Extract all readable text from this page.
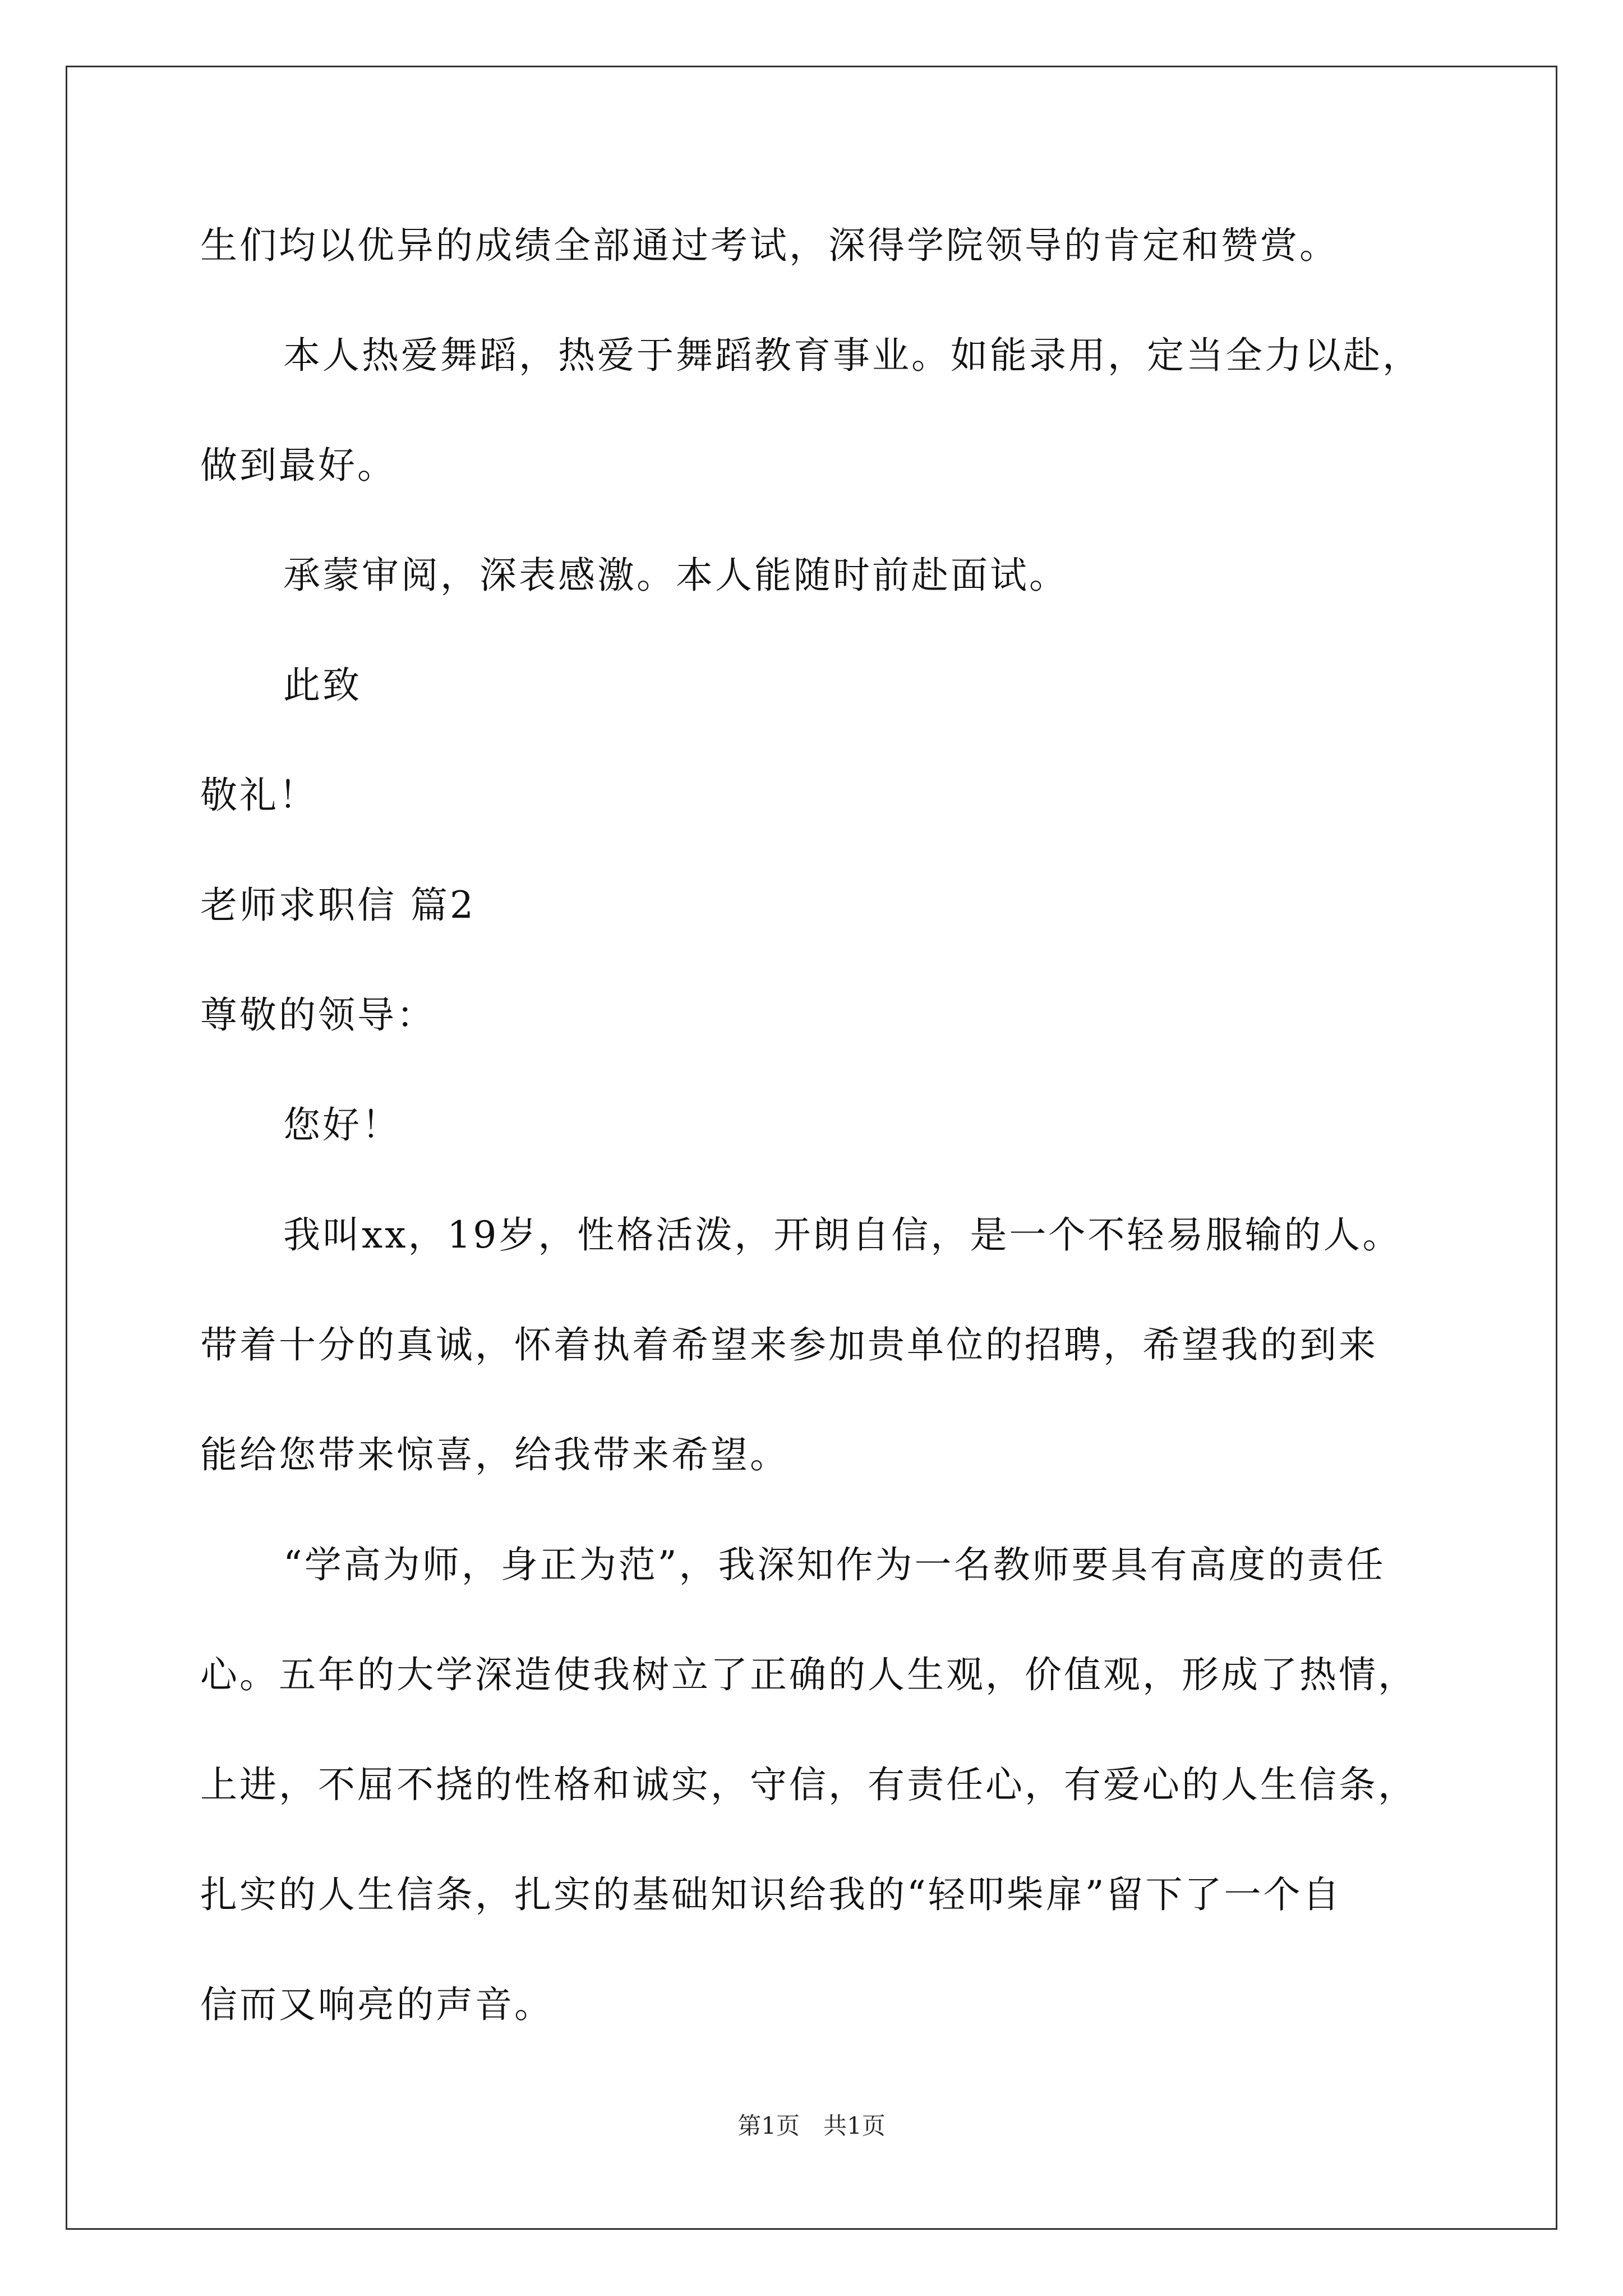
生们均以优异的成绩全部通过考试，深得学院领导的肯定和赞赏。
本人热爱舞蹈，热爱于舞蹈教育事业。如能录用，定当全力以赴，
做到最好。
承蒙审阅，深表感激。本人能随时前赴面试。
此致
敬礼！
老师求职信 篇2
尊敬的领导：
您好！
我叫xx，19岁，性格活泼，开朗自信，是一个不轻易服输的人。
带着十分的真诚，怀着执着希望来参加贵单位的招聘，希望我的到来
能给您带来惊喜，给我带来希望。
“学高为师，身正为范”，我深知作为一名教师要具有高度的责任
心。五年的大学深造使我树立了正确的人生观，价值观，形成了热情，
上进，不屈不挠的性格和诚实，守信，有责任心，有爱心的人生信条，
扎实的人生信条，扎实的基础知识给我的“轻叩柴扉”留下了一个自
信而又响亮的声音。
第1页　共1页
